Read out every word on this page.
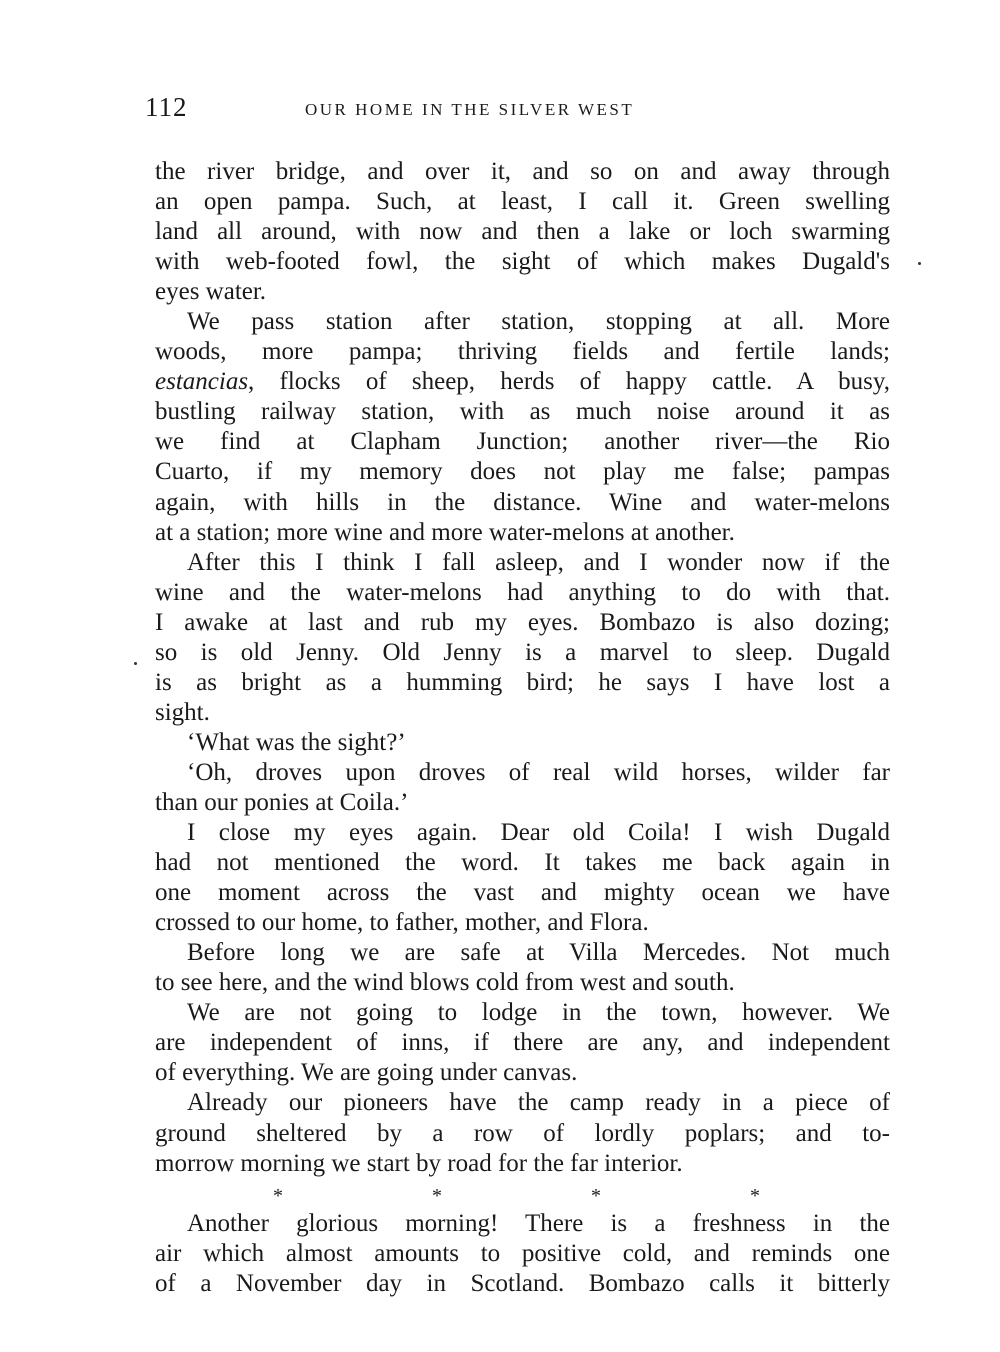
112	OUR HOME IN THE SILVER WEST
the river bridge, and over it, and so on and away through
an open pampa. Such, at least, I call it. Green swelling
land all around, with now and then a lake or loch swarming
with web-footed fowl, the sight of which makes Dugald's
eyes water.
We pass station after station, stopping at all. More
woods, more pampa; thriving fields and fertile lands;
estancias, flocks of sheep, herds of happy cattle. A busy,
bustling railway station, with as much noise around it as
we find at Clapham Junction; another river—the Rio
Cuarto, if my memory does not play me false; pampas
again, with hills in the distance. Wine and water-melons
at a station; more wine and more water-melons at another.
After this I think I fall asleep, and I wonder now if the
wine and the water-melons had anything to do with that.
I awake at last and rub my eyes. Bombazo is also dozing;
so is old Jenny. Old Jenny is a marvel to sleep. Dugald
is as bright as a humming bird; he says I have lost a
sight.
‘What was the sight?’
‘Oh, droves upon droves of real wild horses, wilder far
than our ponies at Coila.’
I close my eyes again. Dear old Coila! I wish Dugald
had not mentioned the word. It takes me back again in
one moment across the vast and mighty ocean we have
crossed to our home, to father, mother, and Flora.
Before long we are safe at Villa Mercedes. Not much
to see here, and the wind blows cold from west and south.
We are not going to lodge in the town, however. We
are independent of inns, if there are any, and independent
of everything. We are going under canvas.
Already our pioneers have the camp ready in a piece of
ground sheltered by a row of lordly poplars; and to-
morrow morning we start by road for the far interior.
*	*	*	*
Another glorious morning! There is a freshness in the
air which almost amounts to positive cold, and reminds one
of a November day in Scotland. Bombazo calls it bitterly
